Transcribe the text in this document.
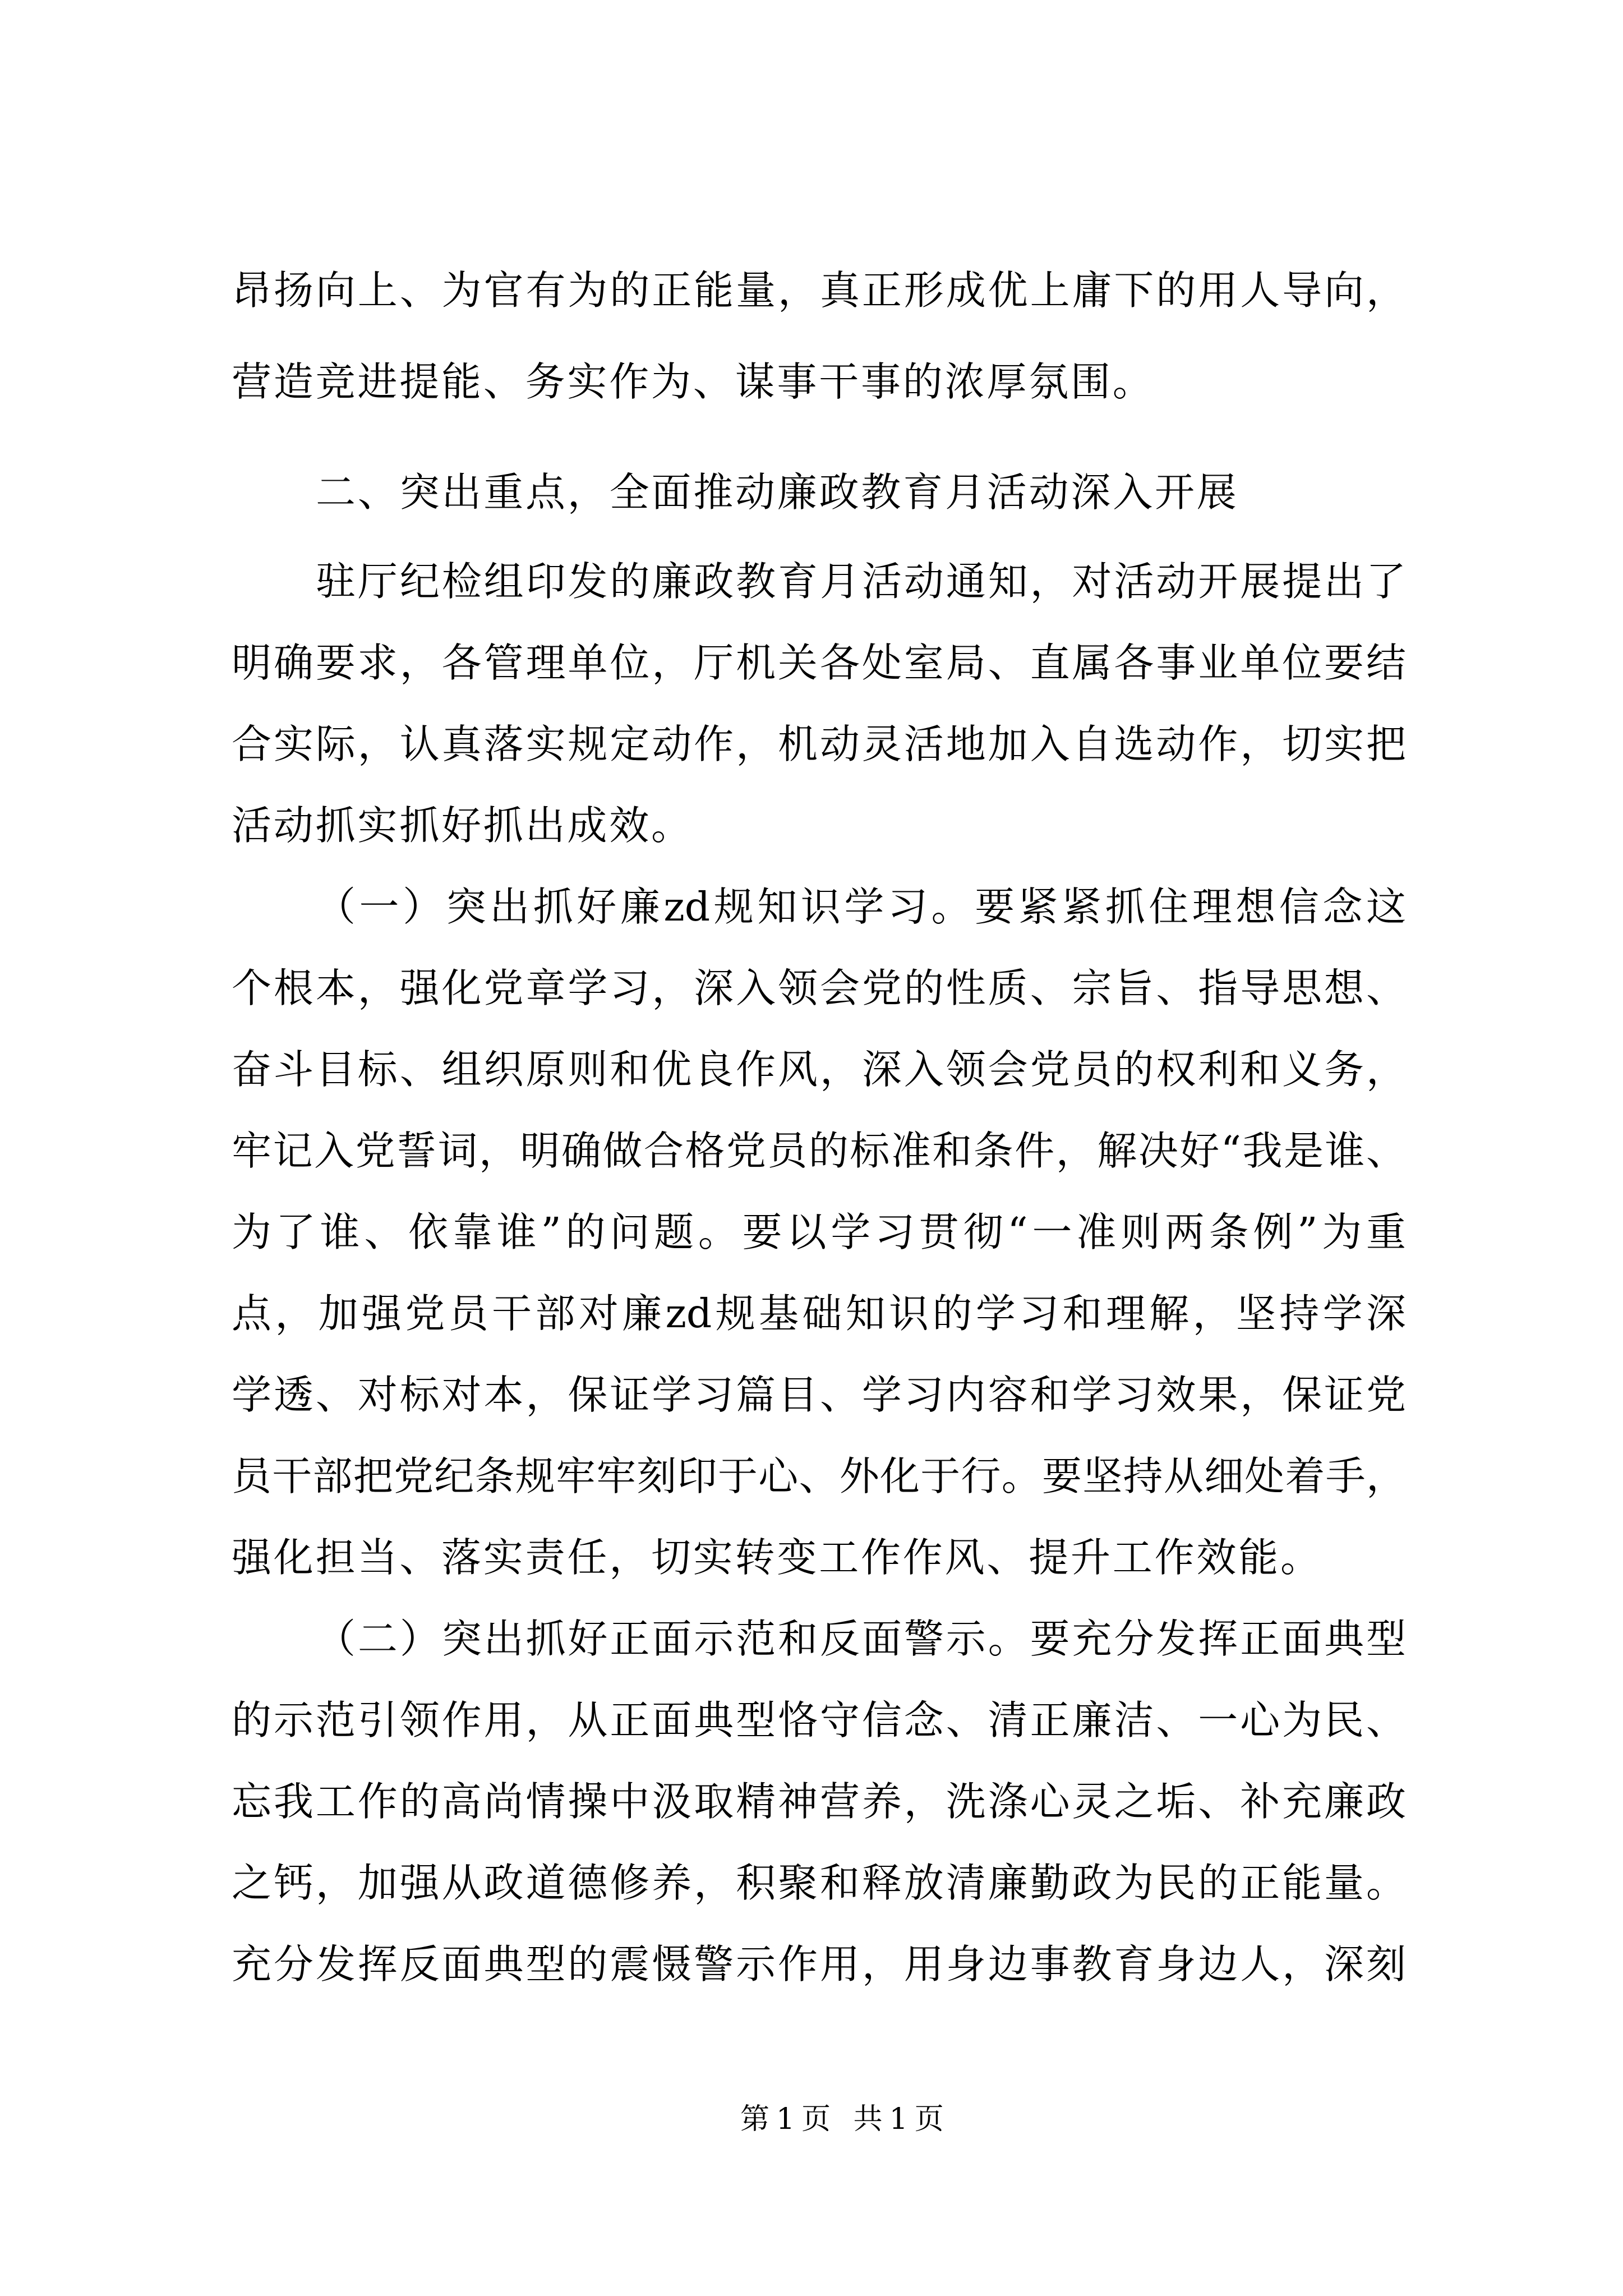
昂扬向上、为官有为的正能量，真正形成优上庸下的用人导向，
营造竞进提能、务实作为、谋事干事的浓厚氛围。
二、突出重点，全面推动廉政教育月活动深入开展
驻厅纪检组印发的廉政教育月活动通知，对活动开展提出了
明确要求，各管理单位，厅机关各处室局、直属各事业单位要结
合实际，认真落实规定动作，机动灵活地加入自选动作，切实把
活动抓实抓好抓出成效。
（一）突出抓好廉zd规知识学习。要紧紧抓住理想信念这
个根本，强化党章学习，深入领会党的性质、宗旨、指导思想、
奋斗目标、组织原则和优良作风，深入领会党员的权利和义务，
牢记入党誓词，明确做合格党员的标准和条件，解决好“我是谁、
为了谁、依靠谁”的问题。要以学习贯彻“一准则两条例”为重
点，加强党员干部对廉zd规基础知识的学习和理解，坚持学深
学透、对标对本，保证学习篇目、学习内容和学习效果，保证党
员干部把党纪条规牢牢刻印于心、外化于行。要坚持从细处着手，
强化担当、落实责任，切实转变工作作风、提升工作效能。
（二）突出抓好正面示范和反面警示。要充分发挥正面典型
的示范引领作用，从正面典型恪守信念、清正廉洁、一心为民、
忘我工作的高尚情操中汲取精神营养，洗涤心灵之垢、补充廉政
之钙，加强从政道德修养，积聚和释放清廉勤政为民的正能量。
充分发挥反面典型的震慑警示作用，用身边事教育身边人，深刻
第1页 共1页
